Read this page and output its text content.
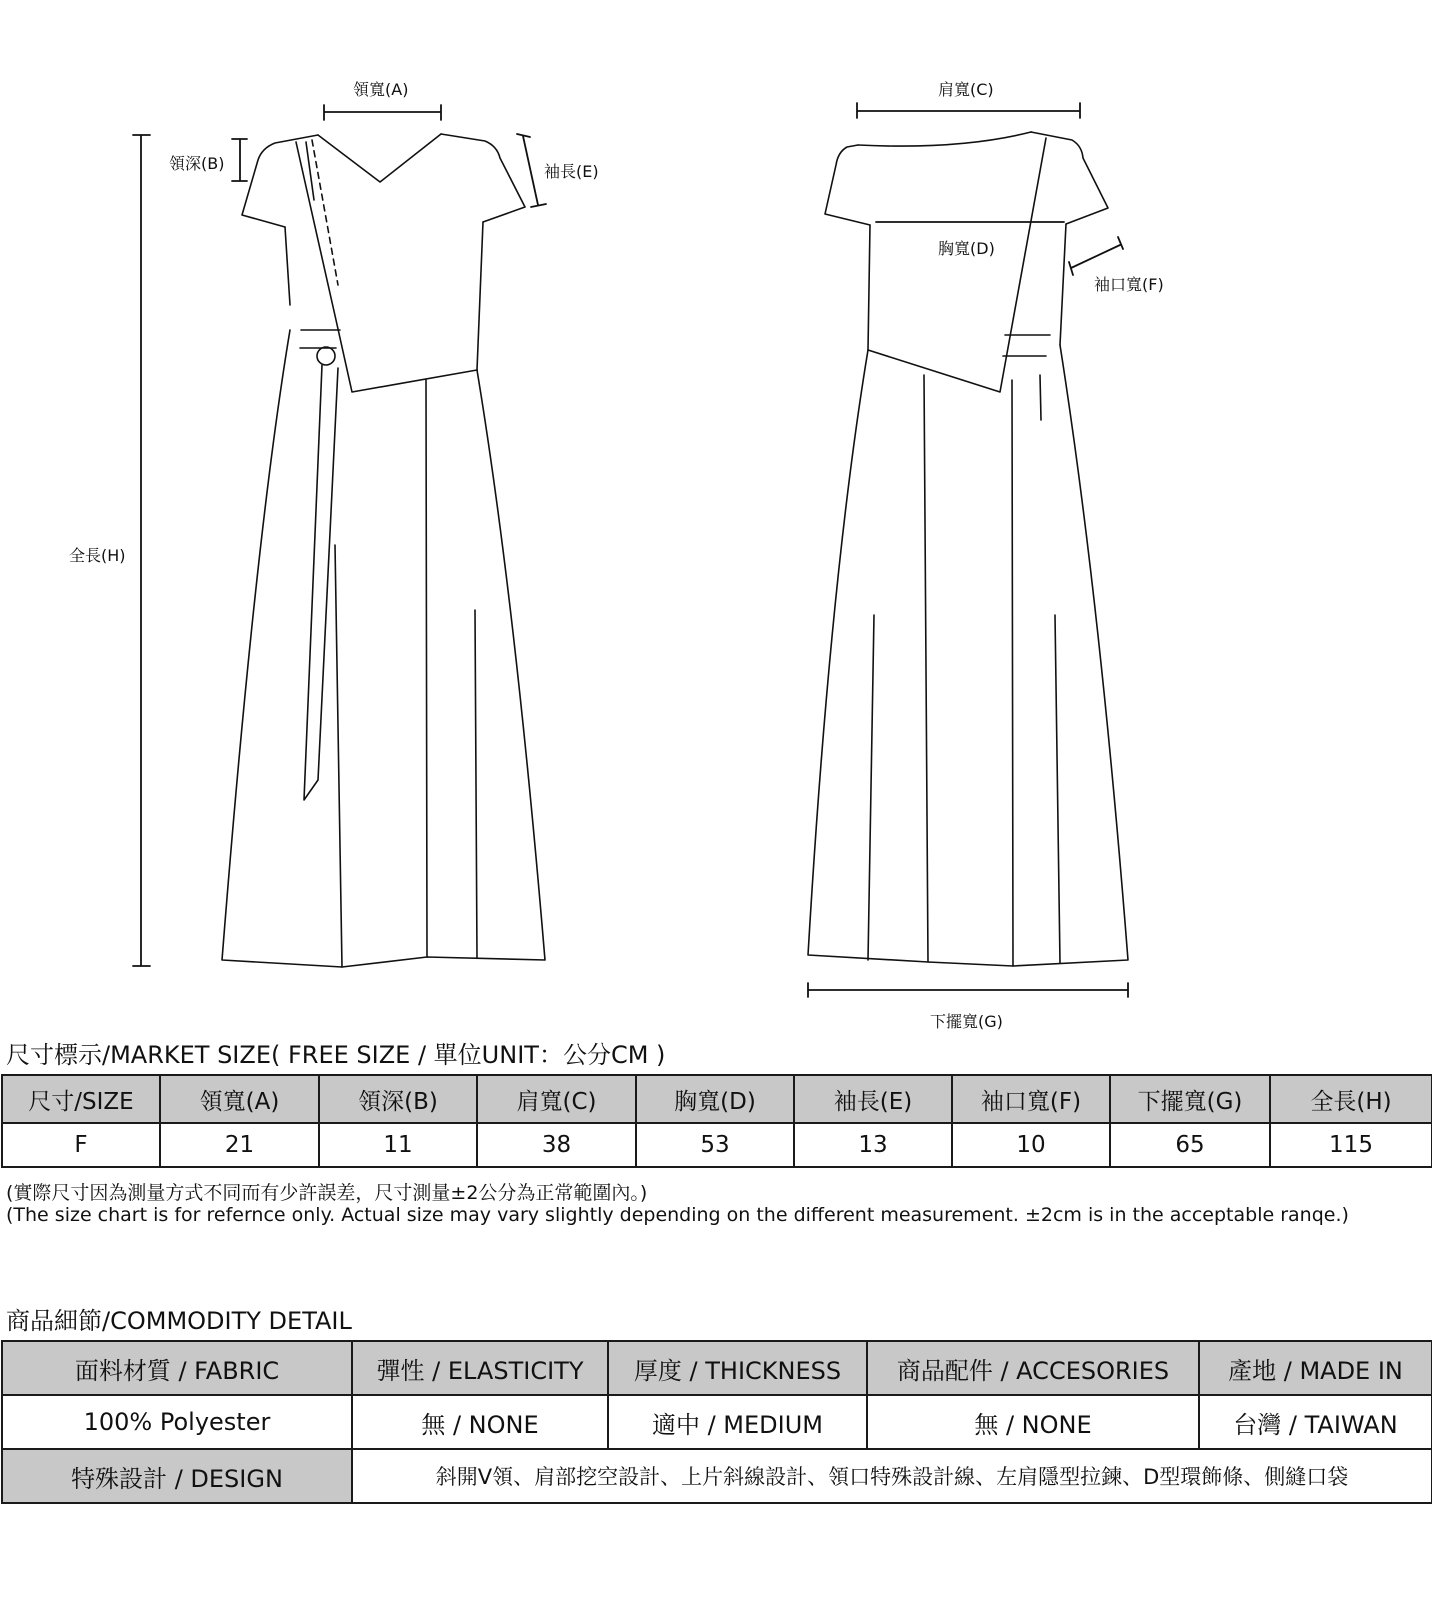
領寬(A)
領深(B)	袖長(E)
全長(H)
肩寬(C)
胸寬(D)
袖口寬(F)
下擺寬(G)
尺寸標示/MARKET SIZE( FREE SIZE / 單位UNIT：公分CM )
尺寸/SIZE	領寬(A)	領深(B)	肩寬(C)	胸寬(D)	袖長(E)	袖口寬(F)	下擺寬(G)	全長(H)
F	21	11	38	53	13	10	65	115
(實際尺寸因為測量方式不同而有少許誤差，尺寸測量±2公分為正常範圍內。)
(The size chart is for refernce only. Actual size may vary slightly depending on the different measurement. ±2cm is in the acceptable ranqe.)
商品細節/COMMODITY DETAIL
面料材質 / FABRIC	彈性 / ELASTICITY	厚度 / THICKNESS	商品配件 / ACCESORIES	產地 / MADE IN
100% Polyester	無 / NONE	適中 / MEDIUM	無 / NONE	台灣 / TAIWAN
特殊設計 / DESIGN	斜開V領、肩部挖空設計、上片斜線設計、領口特殊設計線、左肩隱型拉鍊、D型環飾條、側縫口袋			
